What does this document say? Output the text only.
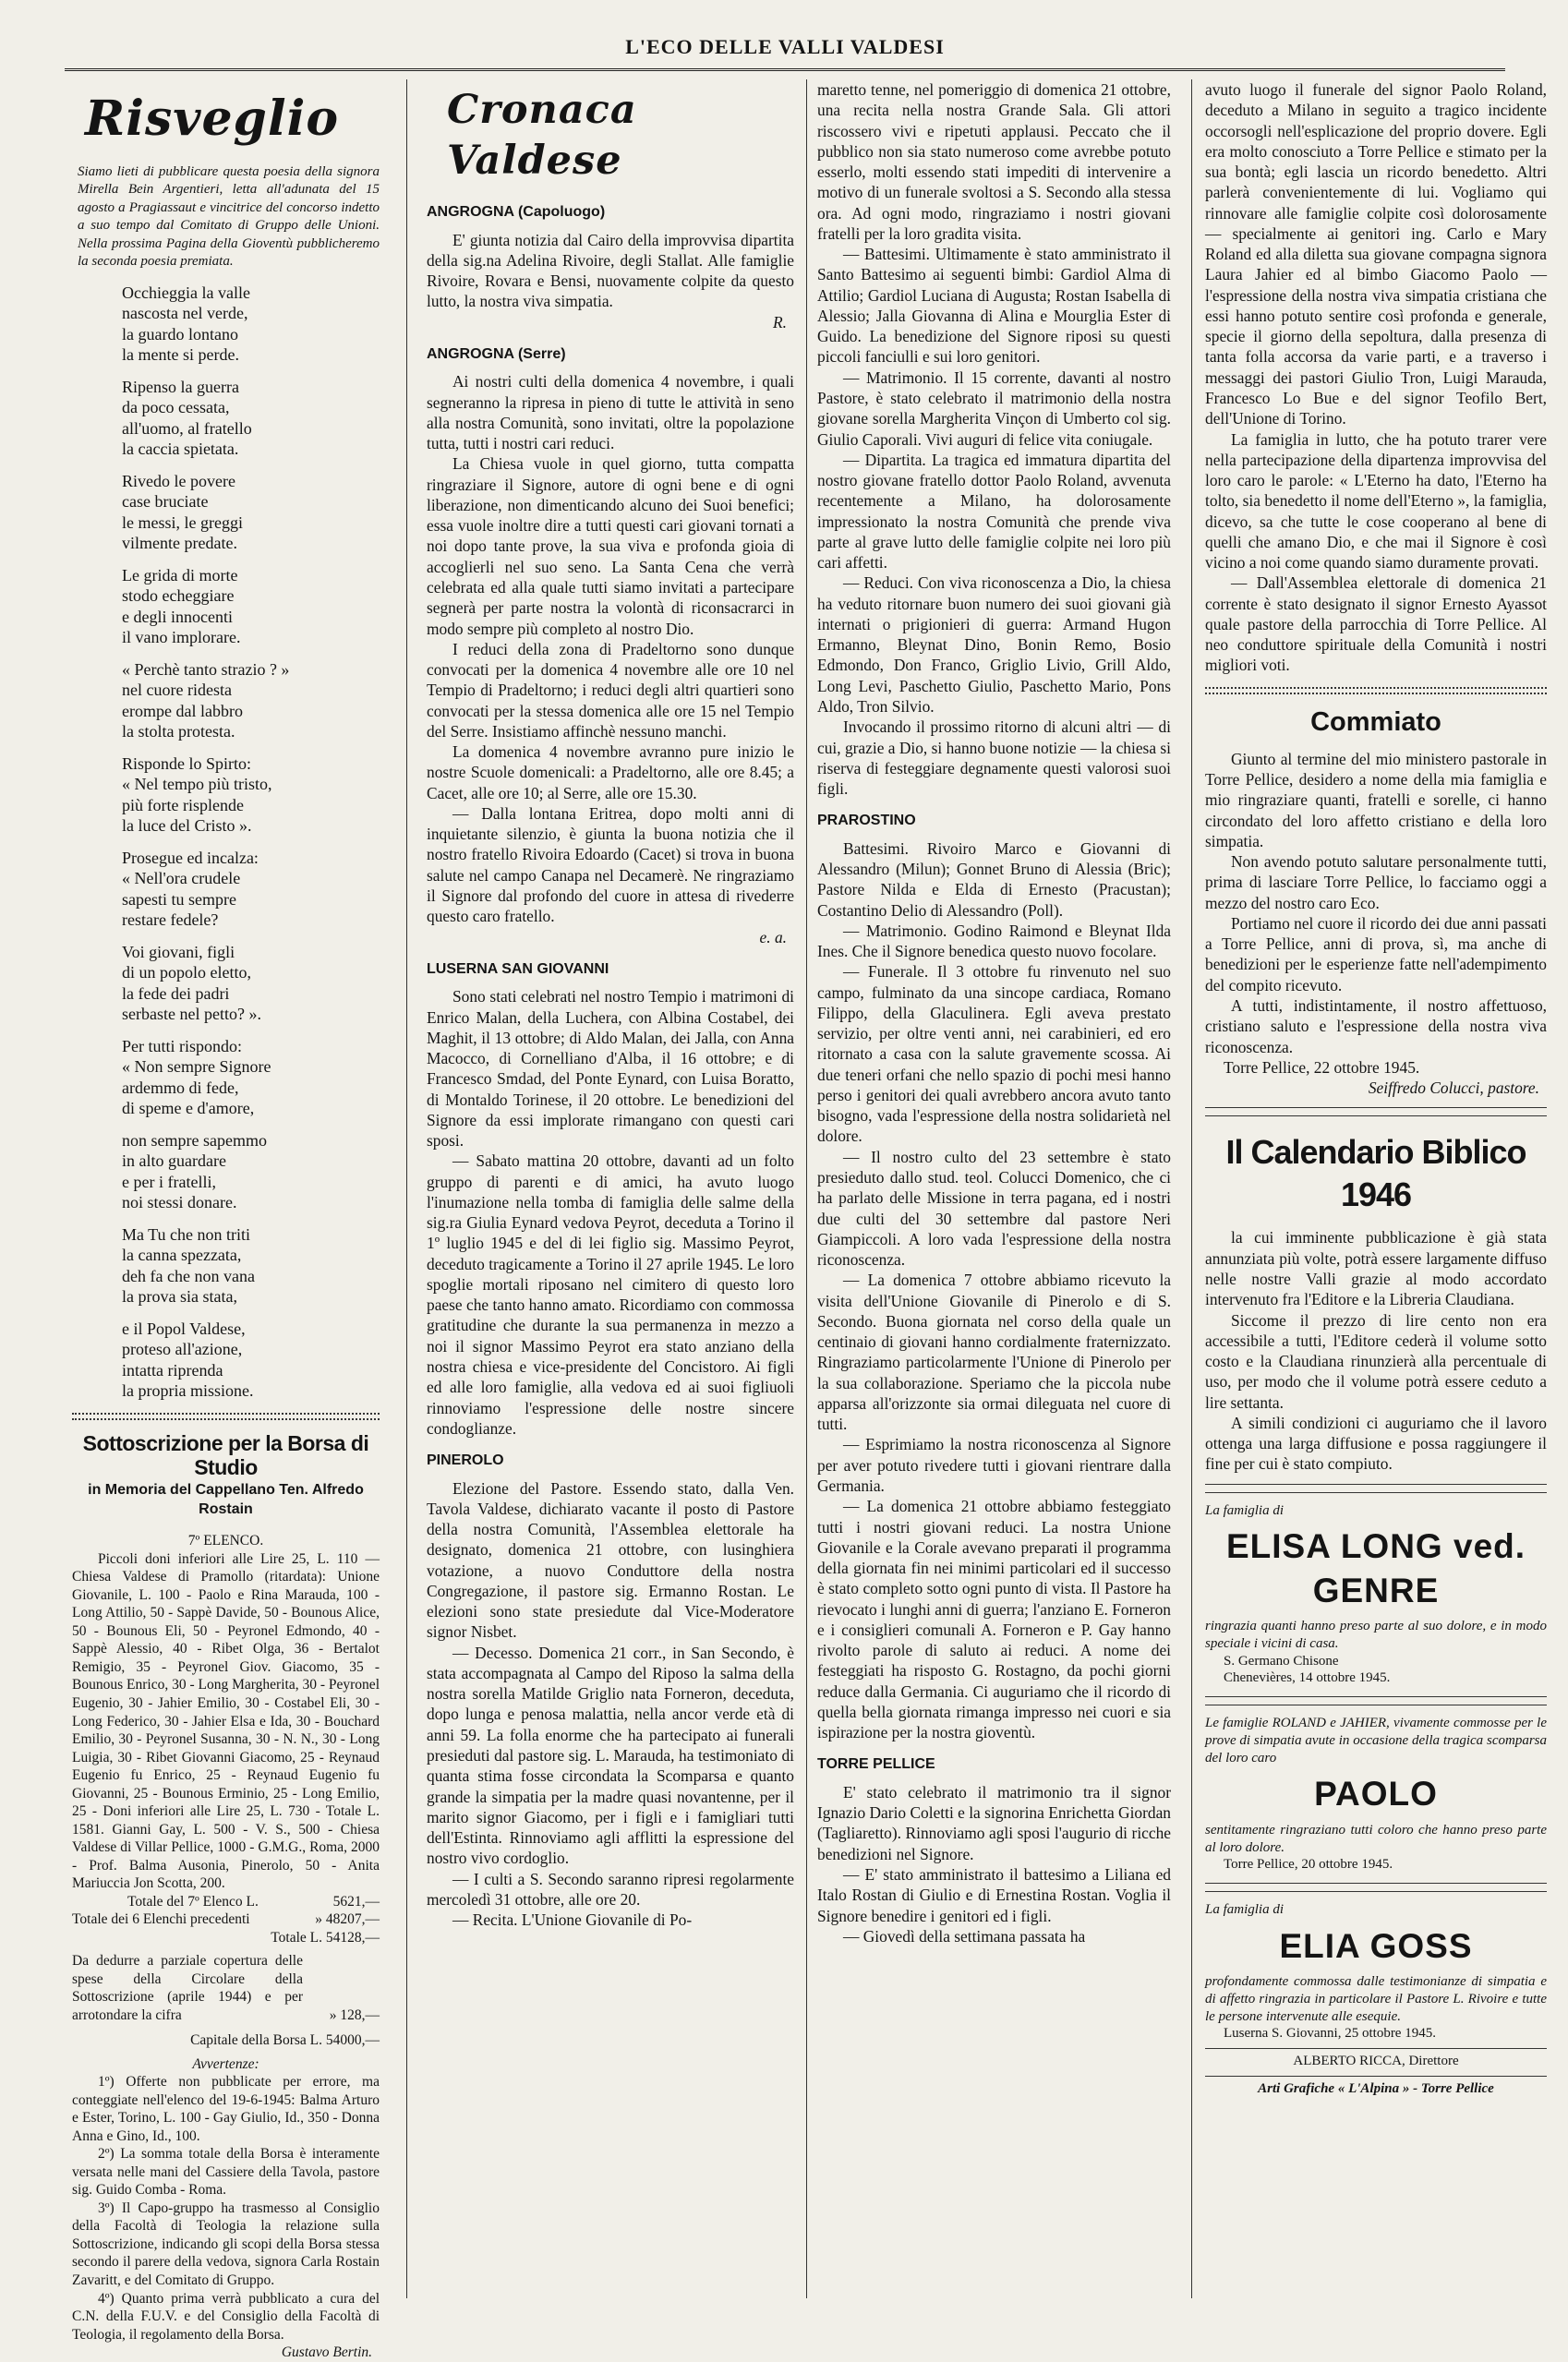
L'ECO DELLE VALLI VALDESI
Risveglio
Siamo lieti di pubblicare questa poesia della signora Mirella Bein Argentieri, letta all'adunata del 15 agosto a Pragiassaut e vincitrice del concorso indetto a suo tempo dal Comitato di Gruppo delle Unioni. Nella prossima Pagina della Gioventù pubblicheremo la seconda poesia premiata.
Occhieggia la valle
nascosta nel verde,
la guardo lontano
la mente si perde.
Ripenso la guerra
da poco cessata,
all'uomo, al fratello
la caccia spietata.
Rivedo le povere
case bruciate
le messi, le greggi
vilmente predate.
Le grida di morte
stodo echeggiare
e degli innocenti
il vano implorare.
« Perchè tanto strazio ? »
nel cuore ridesta
erompe dal labbro
la stolta protesta.
Risponde lo Spirto:
« Nel tempo più tristo,
più forte risplende
la luce del Cristo ».
Prosegue ed incalza:
« Nell'ora crudele
sapesti tu sempre
restare fedele?
Voi giovani, figli
di un popolo eletto,
la fede dei padri
serbaste nel petto? ».
Per tutti rispondo:
« Non sempre Signore
ardemmo di fede,
di speme e d'amore,
non sempre sapemmo
in alto guardare
e per i fratelli,
noi stessi donare.
Ma Tu che non triti
la canna spezzata,
deh fa che non vana
la prova sia stata,
e il Popol Valdese,
proteso all'azione,
intatta riprenda
la propria missione.
Sottoscrizione per la Borsa di Studio
in Memoria del Cappellano Ten. Alfredo Rostain
7º ELENCO.

Piccoli doni inferiori alle Lire 25, L. 110 — Chiesa Valdese di Pramollo (ritardata): Unione Giovanile, L. 100 - Paolo e Rina Marauda, 100 - Long Attilio, 50 - Sappè Davide, 50 - Bounous Alice, 50 - Bounous Eli, 50 - Peyronel Edmondo, 40 - Sappè Alessio, 40 - Ribet Olga, 36 - Bertalot Remigio, 35 - Peyronel Giov. Giacomo, 35 - Bounous Enrico, 30 - Long Margherita, 30 - Peyronel Eugenio, 30 - Jahier Emilio, 30 - Costabel Eli, 30 - Long Federico, 30 - Jahier Elsa e Ida, 30 - Bouchard Emilio, 30 - Peyronel Susanna, 30 - N. N., 30 - Long Luigia, 30 - Ribet Giovanni Giacomo, 25 - Reynaud Eugenio fu Enrico, 25 - Reynaud Eugenio fu Giovanni, 25 - Bounous Erminio, 25 - Long Emilio, 25 - Doni inferiori alle Lire 25, L. 730 - Totale L. 1581. Gianni Gay, L. 500 - V. S., 500 - Chiesa Valdese di Villar Pellice, 1000 - G.M.G., Roma, 2000 - Prof. Balma Ausonia, Pinerolo, 50 - Anita Mariuccia Jon Scotta, 200.

Totale del 7º Elenco L.	5621,—
Totale dei 6 Elenchi precedenti	» 48207,—
Totale L. 54128,—
Da dedurre a parziale copertura delle spese della Circolare della Sottoscrizione (aprile 1944) e per arrotondare la cifra	» 128,—
Capitale della Borsa L. 54000,—
Avvertenze:

1º) Offerte non pubblicate per errore, ma conteggiate nell'elenco del 19-6-1945: Balma Arturo e Ester, Torino, L. 100 - Gay Giulio, Id., 350 - Donna Anna e Gino, Id., 100.

2º) La somma totale della Borsa è interamente versata nelle mani del Cassiere della Tavola, pastore sig. Guido Comba - Roma.

3º) Il Capo-gruppo ha trasmesso al Consiglio della Facoltà di Teologia la relazione sulla Sottoscrizione, indicando gli scopi della Borsa stessa secondo il parere della vedova, signora Carla Rostain Zavaritt, e del Comitato di Gruppo.

4º) Quanto prima verrà pubblicato a cura del C.N. della F.U.V. e del Consiglio della Facoltà di Teologia, il regolamento della Borsa.

Gustavo Bertin.
Cronaca Valdese
ANGROGNA (Capoluogo)

E' giunta notizia dal Cairo della improvvisa dipartita della sig.na Adelina Rivoire, degli Stallat. Alle famiglie Rivoire, Rovara e Bensi, nuovamente colpite da questo lutto, la nostra viva simpatia.

R.
ANGROGNA (Serre)

Ai nostri culti della domenica 4 novembre, i quali segneranno la ripresa in pieno di tutte le attività in seno alla nostra Comunità, sono invitati, oltre la popolazione tutta, tutti i nostri cari reduci.

La Chiesa vuole in quel giorno, tutta compatta ringraziare il Signore, autore di ogni bene e di ogni liberazione, non dimenticando alcuno dei Suoi benefici; essa vuole inoltre dire a tutti questi cari giovani tornati a noi dopo tante prove, la sua viva e profonda gioia di accoglierli nel suo seno. La Santa Cena che verrà celebrata ed alla quale tutti siamo invitati a partecipare segnerà per parte nostra la volontà di riconsacrarci in modo sempre più completo al nostro Dio.

I reduci della zona di Pradeltorno sono dunque convocati per la domenica 4 novembre alle ore 10 nel Tempio di Pradeltorno; i reduci degli altri quartieri sono convocati per la stessa domenica alle ore 15 nel Tempio del Serre. Insistiamo affinchè nessuno manchi.

La domenica 4 novembre avranno pure inizio le nostre Scuole domenicali: a Pradeltorno, alle ore 8.45; a Cacet, alle ore 10; al Serre, alle ore 15.30.

— Dalla lontana Eritrea, dopo molti anni di inquietante silenzio, è giunta la buona notizia che il nostro fratello Rivoira Edoardo (Cacet) si trova in buona salute nel campo Canapa nel Decamerè. Ne ringraziamo il Signore dal profondo del cuore in attesa di rivederre questo caro fratello.

e. a.
LUSERNA SAN GIOVANNI

Sono stati celebrati nel nostro Tempio i matrimoni di Enrico Malan, della Luchera, con Albina Costabel, dei Maghit, il 13 ottobre; di Aldo Malan, dei Jalla, con Anna Macocco, di Cornelliano d'Alba, il 16 ottobre; e di Francesco Smdad, del Ponte Eynard, con Luisa Boratto, di Montaldo Torinese, il 20 ottobre. Le benedizioni del Signore da essi implorate rimangano con questi cari sposi.

— Sabato mattina 20 ottobre, davanti ad un folto gruppo di parenti e di amici, ha avuto luogo l'inumazione nella tomba di famiglia delle salme della sig.ra Giulia Eynard vedova Peyrot, deceduta a Torino il 1º luglio 1945 e del di lei figlio sig. Massimo Peyrot, deceduto tragicamente a Torino il 27 aprile 1945. Le loro spoglie mortali riposano nel cimitero di questo loro paese che tanto hanno amato. Ricordiamo con commossa gratitudine che durante la sua permanenza in mezzo a noi il signor Massimo Peyrot era stato anziano della nostra chiesa e vice-presidente del Concistoro. Ai figli ed alle loro famiglie, alla vedova ed ai suoi figliuoli rinnoviamo l'espressione delle nostre sincere condoglianze.

PINEROLO

Elezione del Pastore. Essendo stato, dalla Ven. Tavola Valdese, dichiarato vacante il posto di Pastore della nostra Comunità, l'Assemblea elettorale ha designato, domenica 21 ottobre, con lusinghiera votazione, a nuovo Conduttore della nostra Congregazione, il pastore sig. Ermanno Rostan. Le elezioni sono state presiedute dal Vice-Moderatore signor Nisbet.

— Decesso. Domenica 21 corr., in San Secondo, è stata accompagnata al Campo del Riposo la salma della nostra sorella Matilde Griglio nata Forneron, deceduta, dopo lunga e penosa malattia, nella ancor verde età di anni 59. La folla enorme che ha partecipato ai funerali presieduti dal pastore sig. L. Marauda, ha testimoniato di quanta stima fosse circondata la Scomparsa e quanto grande la simpatia per la madre quasi novantenne, per il marito signor Giacomo, per i figli e i famigliari tutti dell'Estinta. Rinnoviamo agli afflitti la espressione del nostro vivo cordoglio.

— I culti a S. Secondo saranno ripresi regolarmente mercoledì 31 ottobre, alle ore 20.

— Recita. L'Unione Giovanile di Po-

maretto tenne, nel pomeriggio di domenica 21 ottobre, una recita nella nostra Grande Sala. Gli attori riscossero vivi e ripetuti applausi. Peccato che il pubblico non sia stato numeroso come avrebbe potuto esserlo, molti essendo stati impediti di intervenire a motivo di un funerale svoltosi a S. Secondo alla stessa ora. Ad ogni modo, ringraziamo i nostri giovani fratelli per la loro gradita visita.

— Battesimi. Ultimamente è stato amministrato il Santo Battesimo ai seguenti bimbi: Gardiol Alma di Attilio; Gardiol Luciana di Augusta; Rostan Isabella di Alessio; Jalla Giovanna di Alina e Mourglia Ester di Guido. La benedizione del Signore riposi su questi piccoli fanciulli e sui loro genitori.

— Matrimonio. Il 15 corrente, davanti al nostro Pastore, è stato celebrato il matrimonio della nostra giovane sorella Margherita Vinçon di Umberto col sig. Giulio Caporali. Vivi auguri di felice vita coniugale.

— Dipartita. La tragica ed immatura dipartita del nostro giovane fratello dottor Paolo Roland, avvenuta recentemente a Milano, ha dolorosamente impressionato la nostra Comunità che prende viva parte al grave lutto delle famiglie colpite nei loro più cari affetti.

— Reduci. Con viva riconoscenza a Dio, la chiesa ha veduto ritornare buon numero dei suoi giovani già internati o prigionieri di guerra: Armand Hugon Ermanno, Bleynat Dino, Bonin Remo, Bosio Edmondo, Don Franco, Griglio Livio, Grill Aldo, Long Levi, Paschetto Giulio, Paschetto Mario, Pons Aldo, Tron Silvio.

Invocando il prossimo ritorno di alcuni altri — di cui, grazie a Dio, si hanno buone notizie — la chiesa si riserva di festeggiare degnamente questi valorosi suoi figli.

PRAROSTINO

Battesimi. Rivoiro Marco e Giovanni di Alessandro (Milun); Gonnet Bruno di Alessia (Bric); Pastore Nilda e Elda di Ernesto (Pracustan); Costantino Delio di Alessandro (Poll).

— Matrimonio. Godino Raimond e Bleynat Ilda Ines. Che il Signore benedica questo nuovo focolare.

— Funerale. Il 3 ottobre fu rinvenuto nel suo campo, fulminato da una sincope cardiaca, Romano Filippo, della Glaculinera. Egli aveva prestato servizio, per oltre venti anni, nei carabinieri, ed ero ritornato a casa con la salute gravemente scossa. Ai due teneri orfani che nello spazio di pochi mesi hanno perso i genitori dei quali avrebbero ancora avuto tanto bisogno, vada l'espressione della nostra solidarietà nel dolore.

— Il nostro culto del 23 settembre è stato presieduto dallo stud. teol. Colucci Domenico, che ci ha parlato delle Missione in terra pagana, ed i nostri due culti del 30 settembre dal pastore Neri Giampiccoli. A loro vada l'espressione della nostra riconoscenza.

— La domenica 7 ottobre abbiamo ricevuto la visita dell'Unione Giovanile di Pinerolo e di S. Secondo. Buona giornata nel corso della quale un centinaio di giovani hanno cordialmente fraternizzato. Ringraziamo particolarmente l'Unione di Pinerolo per la sua collaborazione. Speriamo che la piccola nube apparsa all'orizzonte sia ormai dileguata nel cuore di tutti.

— Esprimiamo la nostra riconoscenza al Signore per aver potuto rivedere tutti i giovani rientrare dalla Germania.

— La domenica 21 ottobre abbiamo festeggiato tutti i nostri giovani reduci. La nostra Unione Giovanile e la Corale avevano preparati il programma della giornata fin nei minimi particolari ed il successo è stato completo sotto ogni punto di vista. Il Pastore ha rievocato i lunghi anni di guerra; l'anziano E. Forneron e i consiglieri comunali A. Forneron e P. Gay hanno rivolto parole di saluto ai reduci. A nome dei festeggiati ha risposto G. Rostagno, da pochi giorni reduce dalla Germania. Ci auguriamo che il ricordo di quella bella giornata rimanga impresso nei cuori e sia ispirazione per la nostra gioventù.

TORRE PELLICE

E' stato celebrato il matrimonio tra il signor Ignazio Dario Coletti e la signorina Enrichetta Giordan (Tagliaretto). Rinnoviamo agli sposi l'augurio di ricche benedizioni nel Signore.

— E' stato amministrato il battesimo a Liliana ed Italo Rostan di Giulio e di Ernestina Rostan. Voglia il Signore benedire i genitori ed i figli.

— Giovedì della settimana passata ha

avuto luogo il funerale del signor Paolo Roland, deceduto a Milano in seguito a tragico incidente occorsogli nell'esplicazione del proprio dovere. Egli era molto conosciuto a Torre Pellice e stimato per la sua bontà; egli lascia un ricordo benedetto. Altri parlerà convenientemente di lui. Vogliamo qui rinnovare alle famiglie colpite così dolorosamente — specialmente ai genitori ing. Carlo e Mary Roland ed alla diletta sua giovane compagna signora Laura Jahier ed al bimbo Giacomo Paolo — l'espressione della nostra viva simpatia cristiana che essi hanno potuto sentire così profonda e generale, specie il giorno della sepoltura, dalla presenza di tanta folla accorsa da varie parti, e a traverso i messaggi dei pastori Giulio Tron, Luigi Marauda, Francesco Lo Bue e del signor Teofilo Bert, dell'Unione di Torino.

La famiglia in lutto, che ha potuto trarer vere nella partecipazione della dipartenza improvvisa del loro caro le parole: « L'Eterno ha dato, l'Eterno ha tolto, sia benedetto il nome dell'Eterno », la famiglia, dicevo, sa che tutte le cose cooperano al bene di quelli che amano Dio, e che mai il Signore è così vicino a noi come quando siamo duramente provati.

— Dall'Assemblea elettorale di domenica 21 corrente è stato designato il signor Ernesto Ayassot quale pastore della parrocchia di Torre Pellice. Al neo conduttore spirituale della Comunità i nostri migliori voti.

Commiato

Giunto al termine del mio ministero pastorale in Torre Pellice, desidero a nome della mia famiglia e mio ringraziare quanti, fratelli e sorelle, ci hanno circondato del loro affetto cristiano e della loro simpatia.

Non avendo potuto salutare personalmente tutti, prima di lasciare Torre Pellice, lo facciamo oggi a mezzo del nostro caro Eco.

Portiamo nel cuore il ricordo dei due anni passati a Torre Pellice, anni di prova, sì, ma anche di benedizioni per le esperienze fatte nell'adempimento del compito ricevuto.

A tutti, indistintamente, il nostro affettuoso, cristiano saluto e l'espressione della nostra viva riconoscenza.

Torre Pellice, 22 ottobre 1945.
Seiffredo Colucci, pastore.
Il Calendario Biblico 1946

la cui imminente pubblicazione è già stata annunziata più volte, potrà essere largamente diffuso nelle nostre Valli grazie al modo accordato intervenuto fra l'Editore e la Libreria Claudiana.

Siccome il prezzo di lire cento non era accessibile a tutti, l'Editore cederà il volume sotto costo e la Claudiana rinunzierà alla percentuale di uso, per modo che il volume potrà essere ceduto a lire settanta.

A simili condizioni ci auguriamo che il lavoro ottenga una larga diffusione e possa raggiungere il fine per cui è stato compiuto.

La famiglia di
ELISA LONG ved. GENRE
ringrazia quanti hanno preso parte al suo dolore, e in modo speciale i vicini di casa.
S. Germano Chisone
Chenevières, 14 ottobre 1945.
Le famiglie ROLAND e JAHIER, vivamente commosse per le prove di simpatia avute in occasione della tragica scomparsa del loro caro
PAOLO
sentitamente ringraziano tutti coloro che hanno preso parte al loro dolore.
Torre Pellice, 20 ottobre 1945.
La famiglia di
ELIA GOSS
profondamente commossa dalle testimonianze di simpatia e di affetto ringrazia in particolare il Pastore L. Rivoire e tutte le persone intervenute alle esequie.
Luserna S. Giovanni, 25 ottobre 1945.
ALBERTO RICCA, Direttore
Arti Grafiche « L'Alpina » - Torre Pellice
